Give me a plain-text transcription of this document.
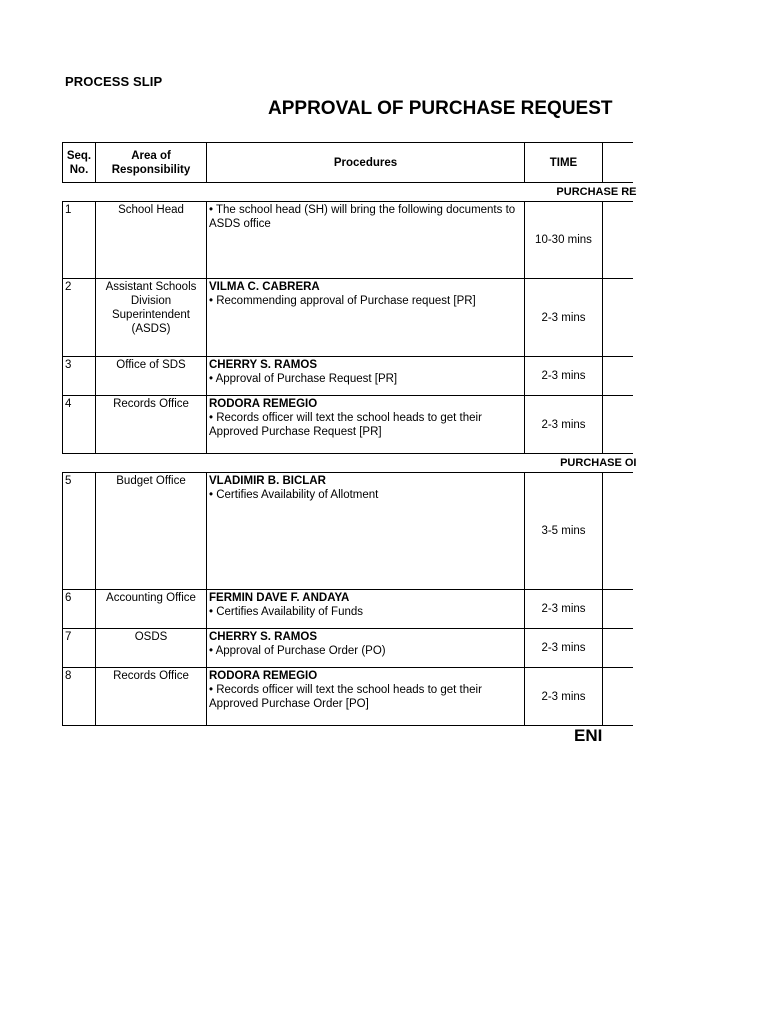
PROCESS SLIP
APPROVAL OF PURCHASE REQUEST
Seq. No.	Area of Responsibility	Procedures	TIME	
			PURCHASE RE	
1	School Head	• The school head (SH) will bring the following documents to ASDS office	10-30 mins	
2	Assistant Schools Division Superintendent (ASDS)	VILMA C. CABRERA
• Recommending approval of Purchase request [PR]	2-3 mins	
3	Office of SDS	CHERRY S. RAMOS
• Approval of Purchase Request [PR]	2-3 mins	
4	Records Office	RODORA REMEGIO
• Records officer will text the school heads to get their Approved Purchase Request [PR]	2-3 mins	
			PURCHASE OI	
5	Budget Office	VLADIMIR B. BICLAR
• Certifies Availability of Allotment	3-5 mins	
6	Accounting Office	FERMIN DAVE F. ANDAYA
• Certifies Availability of Funds	2-3 mins	
7	OSDS	CHERRY S. RAMOS
• Approval of Purchase Order (PO)	2-3 mins	
8	Records Office	RODORA REMEGIO
• Records officer will text the school heads to get their Approved Purchase Order [PO]	2-3 mins	
ENI
